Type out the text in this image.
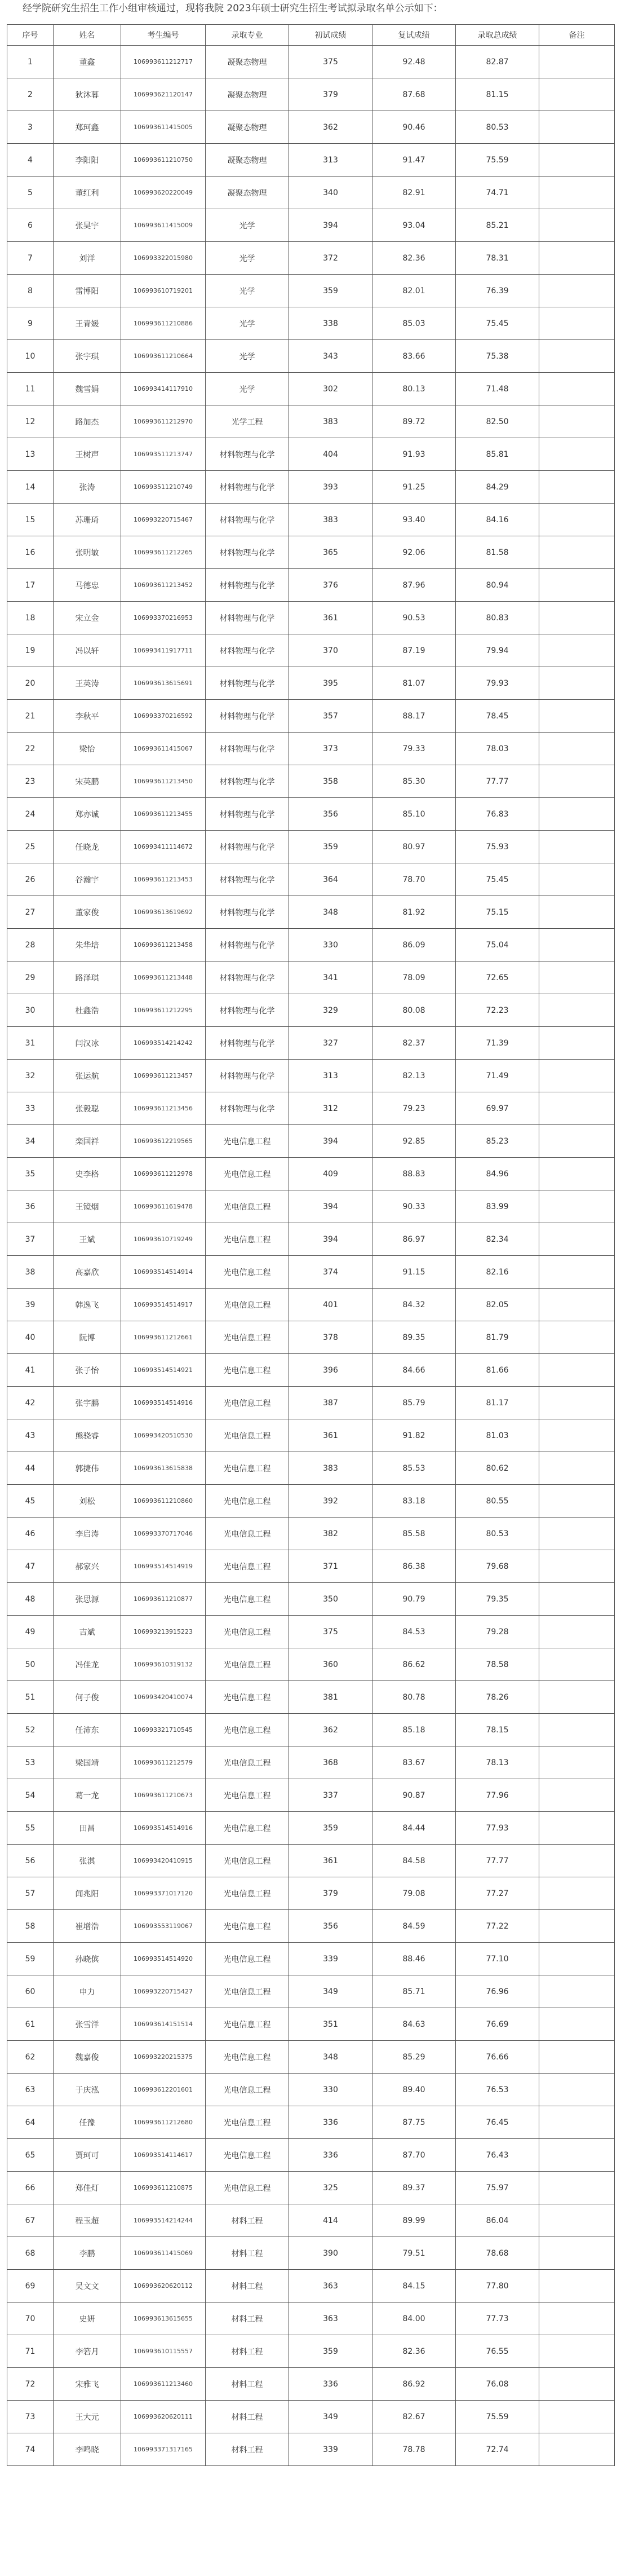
经学院研究生招生工作小组审核通过，现将我院 2023年硕士研究生招生考试拟录取名单公示如下：
序号	姓名	考生编号	录取专业	初试成绩	复试成绩	录取总成绩	备注
1	董鑫	106993611212717	凝聚态物理	375	92.48	82.87	
2	狄沐暮	106993621120147	凝聚态物理	379	87.68	81.15	
3	郑珂鑫	106993611415005	凝聚态物理	362	90.46	80.53	
4	李阳阳	106993611210750	凝聚态物理	313	91.47	75.59	
5	董红利	106993620220049	凝聚态物理	340	82.91	74.71	
6	张昊宇	106993611415009	光学	394	93.04	85.21	
7	刘洋	106993322015980	光学	372	82.36	78.31	
8	雷博阳	106993610719201	光学	359	82.01	76.39	
9	王青媛	106993611210886	光学	338	85.03	75.45	
10	张宇琪	106993611210664	光学	343	83.66	75.38	
11	魏雪娟	106993414117910	光学	302	80.13	71.48	
12	路加杰	106993611212970	光学工程	383	89.72	82.50	
13	王树声	106993511213747	材料物理与化学	404	91.93	85.81	
14	张涛	106993511210749	材料物理与化学	393	91.25	84.29	
15	苏珊琦	106993220715467	材料物理与化学	383	93.40	84.16	
16	张明敏	106993611212265	材料物理与化学	365	92.06	81.58	
17	马德忠	106993611213452	材料物理与化学	376	87.96	80.94	
18	宋立金	106993370216953	材料物理与化学	361	90.53	80.83	
19	冯以轩	106993411917711	材料物理与化学	370	87.19	79.94	
20	王英涛	106993613615691	材料物理与化学	395	81.07	79.93	
21	李秋平	106993370216592	材料物理与化学	357	88.17	78.45	
22	梁怡	106993611415067	材料物理与化学	373	79.33	78.03	
23	宋英鹏	106993611213450	材料物理与化学	358	85.30	77.77	
24	郑亦诚	106993611213455	材料物理与化学	356	85.10	76.83	
25	任晓龙	106993411114672	材料物理与化学	359	80.97	75.93	
26	谷瀚宇	106993611213453	材料物理与化学	364	78.70	75.45	
27	董家俊	106993613619692	材料物理与化学	348	81.92	75.15	
28	朱华培	106993611213458	材料物理与化学	330	86.09	75.04	
29	路泽琪	106993611213448	材料物理与化学	341	78.09	72.65	
30	杜鑫浩	106993611212295	材料物理与化学	329	80.08	72.23	
31	闫汉冰	106993514214242	材料物理与化学	327	82.37	71.39	
32	张运航	106993611213457	材料物理与化学	313	82.13	71.49	
33	张毅聪	106993611213456	材料物理与化学	312	79.23	69.97	
34	栾国祥	106993612219565	光电信息工程	394	92.85	85.23	
35	史李格	106993611212978	光电信息工程	409	88.83	84.96	
36	王镜烟	106993611619478	光电信息工程	394	90.33	83.99	
37	王斌	106993610719249	光电信息工程	394	86.97	82.34	
38	高嘉欣	106993514514914	光电信息工程	374	91.15	82.16	
39	韩逸飞	106993514514917	光电信息工程	401	84.32	82.05	
40	阮博	106993611212661	光电信息工程	378	89.35	81.79	
41	张子怡	106993514514921	光电信息工程	396	84.66	81.66	
42	张宇鹏	106993514514916	光电信息工程	387	85.79	81.17	
43	熊骁睿	106993420510530	光电信息工程	361	91.82	81.03	
44	郭捷伟	106993613615838	光电信息工程	383	85.53	80.62	
45	刘松	106993611210860	光电信息工程	392	83.18	80.55	
46	李启涛	106993370717046	光电信息工程	382	85.58	80.53	
47	郝家兴	106993514514919	光电信息工程	371	86.38	79.68	
48	张思源	106993611210877	光电信息工程	350	90.79	79.35	
49	吉斌	106993213915223	光电信息工程	375	84.53	79.28	
50	冯佳龙	106993610319132	光电信息工程	360	86.62	78.58	
51	何子俊	106993420410074	光电信息工程	381	80.78	78.26	
52	任沛东	106993321710545	光电信息工程	362	85.18	78.15	
53	梁国靖	106993611212579	光电信息工程	368	83.67	78.13	
54	葛一龙	106993611210673	光电信息工程	337	90.87	77.96	
55	田昌	106993514514916	光电信息工程	359	84.44	77.93	
56	张淇	106993420410915	光电信息工程	361	84.58	77.77	
57	闻兆阳	106993371017120	光电信息工程	379	79.08	77.27	
58	崔增浩	106993553119067	光电信息工程	356	84.59	77.22	
59	孙晓傧	106993514514920	光电信息工程	339	88.46	77.10	
60	申力	106993220715427	光电信息工程	349	85.71	76.96	
61	张雪洋	106993614151514	光电信息工程	351	84.63	76.69	
62	魏嘉俊	106993220215375	光电信息工程	348	85.29	76.66	
63	于庆泓	106993612201601	光电信息工程	330	89.40	76.53	
64	任豫	106993611212680	光电信息工程	336	87.75	76.45	
65	贾珂可	106993514114617	光电信息工程	336	87.70	76.43	
66	郑佳灯	106993611210875	光电信息工程	325	89.37	75.97	
67	程玉超	106993514214244	材料工程	414	89.99	86.04	
68	李鹏	106993611415069	材料工程	390	79.51	78.68	
69	吴文文	106993620620112	材料工程	363	84.15	77.80	
70	史妍	106993613615655	材料工程	363	84.00	77.73	
71	李箬月	106993610115557	材料工程	359	82.36	76.55	
72	宋雅飞	106993611213460	材料工程	336	86.92	76.08	
73	王大元	106993620620111	材料工程	349	82.67	75.59	
74	李鸣晓	106993371317165	材料工程	339	78.78	72.74	
